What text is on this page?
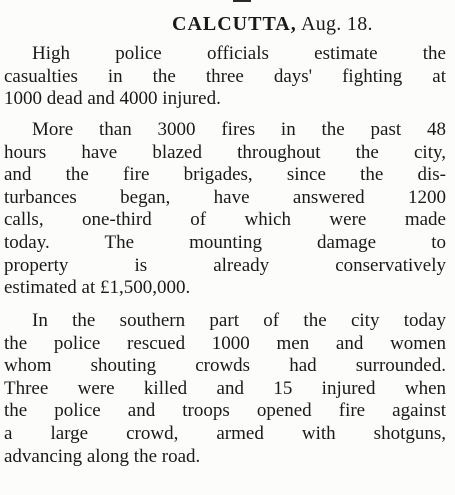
CALCUTTA, Aug. 18.

High police officials estimate the
casualties in the three days' fighting at
1000 dead and 4000 injured.

More than 3000 fires in the past 48
hours have blazed throughout the city,
and the fire brigades, since the dis-
turbances began, have answered 1200
calls, one-third of which were made
today. The mounting damage to
property is already conservatively
estimated at £1,500,000.

In the southern part of the city today
the police rescued 1000 men and women
whom shouting crowds had surrounded.
Three were killed and 15 injured when
the police and troops opened fire against
a large crowd, armed with shotguns,
advancing along the road.
